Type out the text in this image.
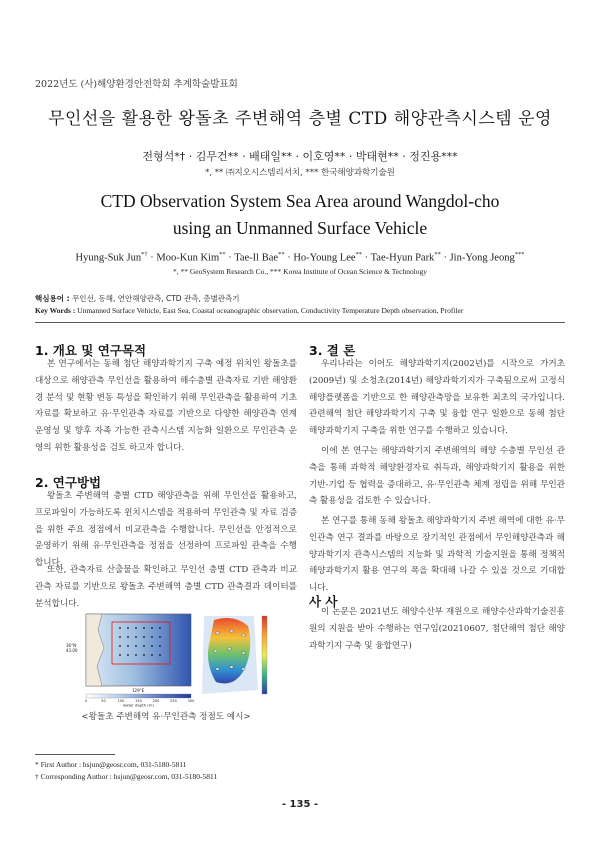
2022년도 (사)해양환경안전학회 추계학술발표회
무인선을 활용한 왕돌초 주변해역 층별 CTD 해양관측시스템 운영
전형석*† · 김무건** · 배태일** · 이호영** · 박태현** · 정진용***
*, ** ㈜지오시스템리서치, *** 한국해양과학기술원
CTD Observation System Sea Area around Wangdol-cho
using an Unmanned Surface Vehicle
Hyung-Suk Jun*† · Moo-Kun Kim** · Tae-Il Bae** · Ho-Young Lee** · Tae-Hyun Park** · Jin-Yong Jeong***
*, ** GeoSystem Research Co., *** Korea Institute of Ocean Science & Technology
핵심용어 : 무인선, 동해, 연안해양관측, CTD 관측, 층별관측기
Key Words : Unmanned Surface Vehicle, East Sea, Coastal oceanographic observation, Conductivity Temperature Depth observation, Profiler
1. 개요 및 연구목적
본 연구에서는 동해 첨단 해양과학기지 구축 예정 위치인 왕돌초를 대상으로 해양관측 무인선을 활용하여 해수층별 관측자료 기반 해양환경 분석 및 현황 변동 특성을 확인하기 위해 무인관측을 활용하여 기초자료를 확보하고 유·무인관측 자료를 기반으로 다양한 해양관측 연계 운영성 및 향후 자족 가능한 관측시스템 지능화 일환으로 무인관측 운영의 위한 활용성을 검토 하고자 합니다.
2. 연구방법
왕돌초 주변해역 층별 CTD 해양관측을 위해 무인선을 활용하고, 프로파일이 가능하도록 윈치시스템을 적용하여 무인관측 및 자료 검증을 위한 주요 정점에서 비교관측을 수행합니다. 무인선을 안정적으로 운영하기 위해 유·무인관측을 정점을 선정하여 프로파일 관측을 수행합니다.
또한, 관측자료 산출물을 확인하고 무인선 층별 CTD 관측과 비교관측 자료를 기반으로 왕돌초 주변해역 층별 CTD 관측결과 데이터를 분석합니다.
36°N 43.00
129°E
0	50	100	150	200	250	300
water depth (m)
<왕돌초 주변해역 유·무인관측 정점도 예시>
3. 결 론
우리나라는 이어도 해양과학기지(2002년)를 시작으로 가거초(2009년) 및 소청초(2014년) 해양과학기지가 구축됨으로써 고정식 해양플랫폼을 기반으로 한 해양관측망을 보유한 최초의 국가입니다. 관련해역 첨단 해양과학기지 구축 및 융합 연구 일환으로 동해 첨단 해양과학기지 구축을 위한 연구를 수행하고 있습니다.
이에 본 연구는 해양과학기지 주변해역의 해양 수층별 무인선 관측을 통해 과학적 해양환경자료 취득과, 해양과학기지 활용을 위한 기반-기업 등 협력을 증대하고, 유·무인관측 체계 정립을 위해 무인관측 활용성을 검토한 수 있습니다.
본 연구를 통해 동해 왕돌초 해양과학기지 주변 해역에 대한 유·무인관측 연구 결과를 바탕으로 장기적인 관점에서 무인해양관측과 해양과학기지 관측시스템의 지능화 및 과학적 기술지원을 통해 정책적 해양과학기지 활용 연구의 폭을 확대해 나갈 수 있을 것으로 기대합니다.
사 사
이 논문은 2021년도 해양수산부 재원으로 해양수산과학기술진흥원의 지원을 받아 수행하는 연구임(20210607, 첨단해역 첨단 해양과학기지 구축 및 융합연구)
* First Author : hsjun@geosr.com, 031-5180-5811
† Corresponding Author : hsjun@geosr.com, 031-5180-5811
- 135 -
